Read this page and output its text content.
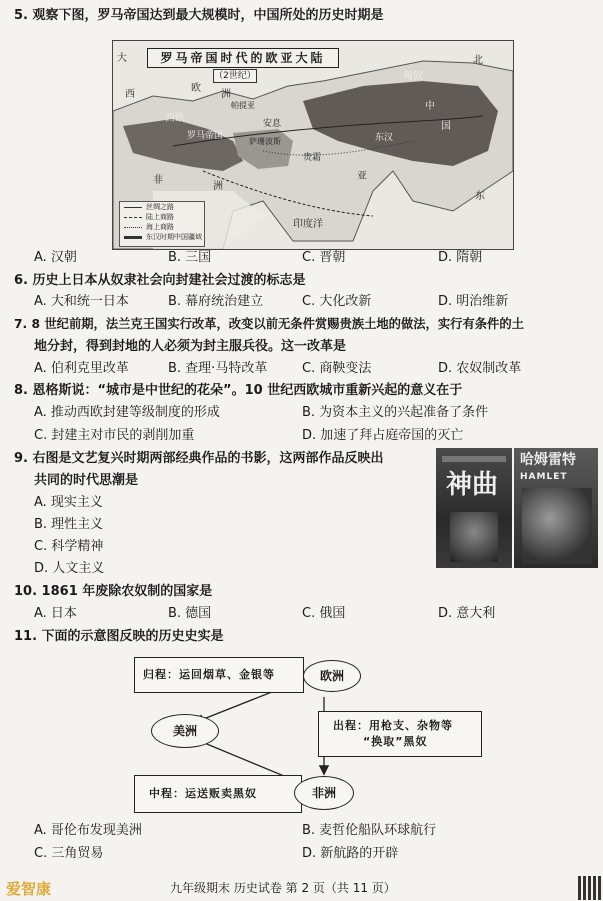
5. 观察下图，罗马帝国达到最大规模时，中国所处的历史时期是
罗马帝国时代的欧亚大陆
（2世纪）
大
欧
洲
西
西欧
罗马帝国
萨珊波斯
匈奴
中
国
安息
贵霜
北
东
东汉
非
洲
印度洋
亚
帕提亚
丝绸之路
陆上商路
海上商路
东汉时期中国疆域
A. 汉朝	B. 三国	C. 晋朝	D. 隋朝
6. 历史上日本从奴隶社会向封建社会过渡的标志是
A. 大和统一日本	B. 幕府统治建立	C. 大化改新	D. 明治维新
7. 8 世纪前期，法兰克王国实行改革，改变以前无条件赏赐贵族土地的做法，实行有条件的土
地分封，得到封地的人必须为封主服兵役。这一改革是
A. 伯利克里改革	B. 查理·马特改革	C. 商鞅变法	D. 农奴制改革
8. 恩格斯说：“城市是中世纪的花朵”。10 世纪西欧城市重新兴起的意义在于
A. 推动西欧封建等级制度的形成	B. 为资本主义的兴起准备了条件
C. 封建主对市民的剥削加重	D. 加速了拜占庭帝国的灭亡
9. 右图是文艺复兴时期两部经典作品的书影，这两部作品反映出
共同的时代思潮是
A. 现实主义
B. 理性主义
C. 科学精神
D. 人文主义
神曲
哈姆雷特
HAMLET
10. 1861 年废除农奴制的国家是
A. 日本	B. 德国	C. 俄国	D. 意大利
11. 下面的示意图反映的历史史实是
归程：运回烟草、金银等	欧洲
美洲	出程：用枪支、杂物等
“换取”黑奴
中程：运送贩卖黑奴	非洲
A. 哥伦布发现美洲	B. 麦哲伦船队环球航行
C. 三角贸易	D. 新航路的开辟
爱智康	九年级期末 历史试卷 第 2 页（共 11 页）
